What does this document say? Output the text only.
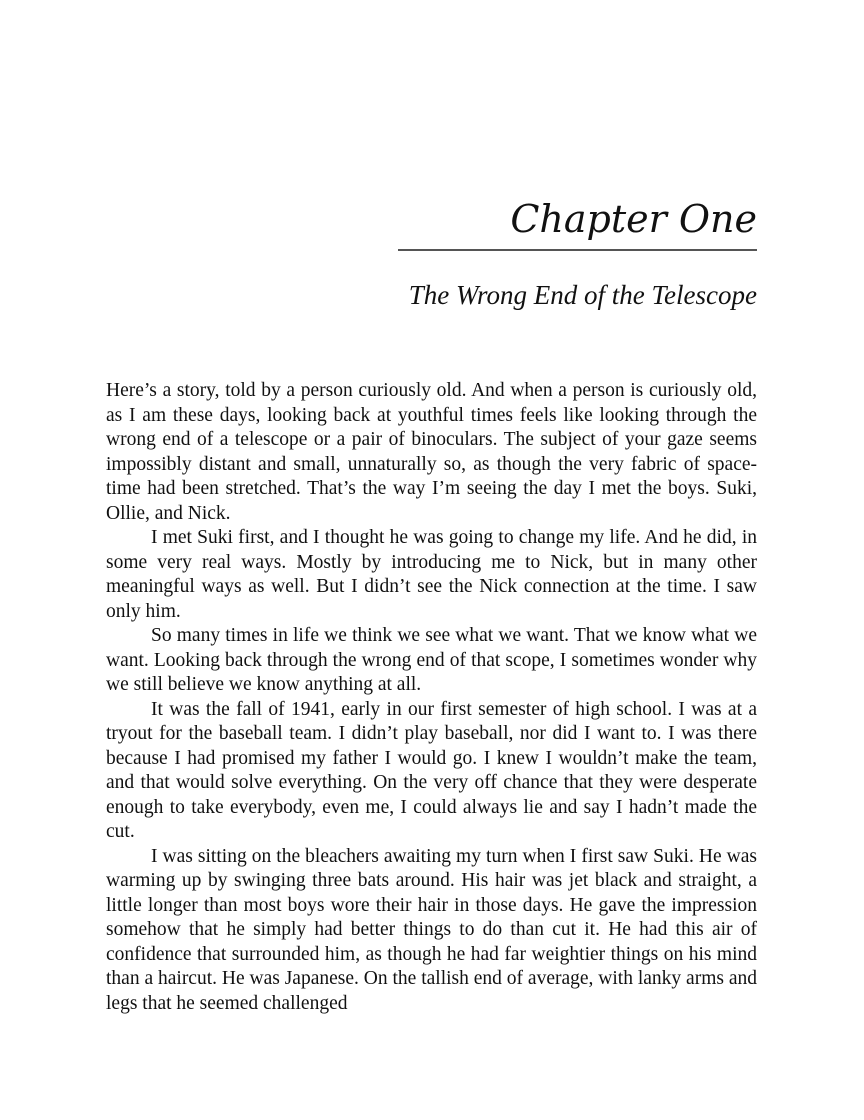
Chapter One
The Wrong End of the Telescope

Here’s a story, told by a person curiously old. And when a person is curiously old, as I am these days, looking back at youthful times feels like looking through the wrong end of a telescope or a pair of binoculars. The subject of your gaze seems impossibly distant and small, unnaturally so, as though the very fabric of space-time had been stretched. That’s the way I’m seeing the day I met the boys. Suki, Ollie, and Nick.

I met Suki first, and I thought he was going to change my life. And he did, in some very real ways. Mostly by introducing me to Nick, but in many other meaningful ways as well. But I didn’t see the Nick connection at the time. I saw only him.

So many times in life we think we see what we want. That we know what we want. Looking back through the wrong end of that scope, I sometimes wonder why we still believe we know anything at all.

It was the fall of 1941, early in our first semester of high school. I was at a tryout for the baseball team. I didn’t play baseball, nor did I want to. I was there because I had promised my father I would go. I knew I wouldn’t make the team, and that would solve everything. On the very off chance that they were desperate enough to take everybody, even me, I could always lie and say I hadn’t made the cut.

I was sitting on the bleachers awaiting my turn when I first saw Suki. He was warming up by swinging three bats around. His hair was jet black and straight, a little longer than most boys wore their hair in those days. He gave the impression somehow that he simply had better things to do than cut it. He had this air of confidence that surrounded him, as though he had far weightier things on his mind than a haircut. He was Japanese. On the tallish end of average, with lanky arms and legs that he seemed challenged
